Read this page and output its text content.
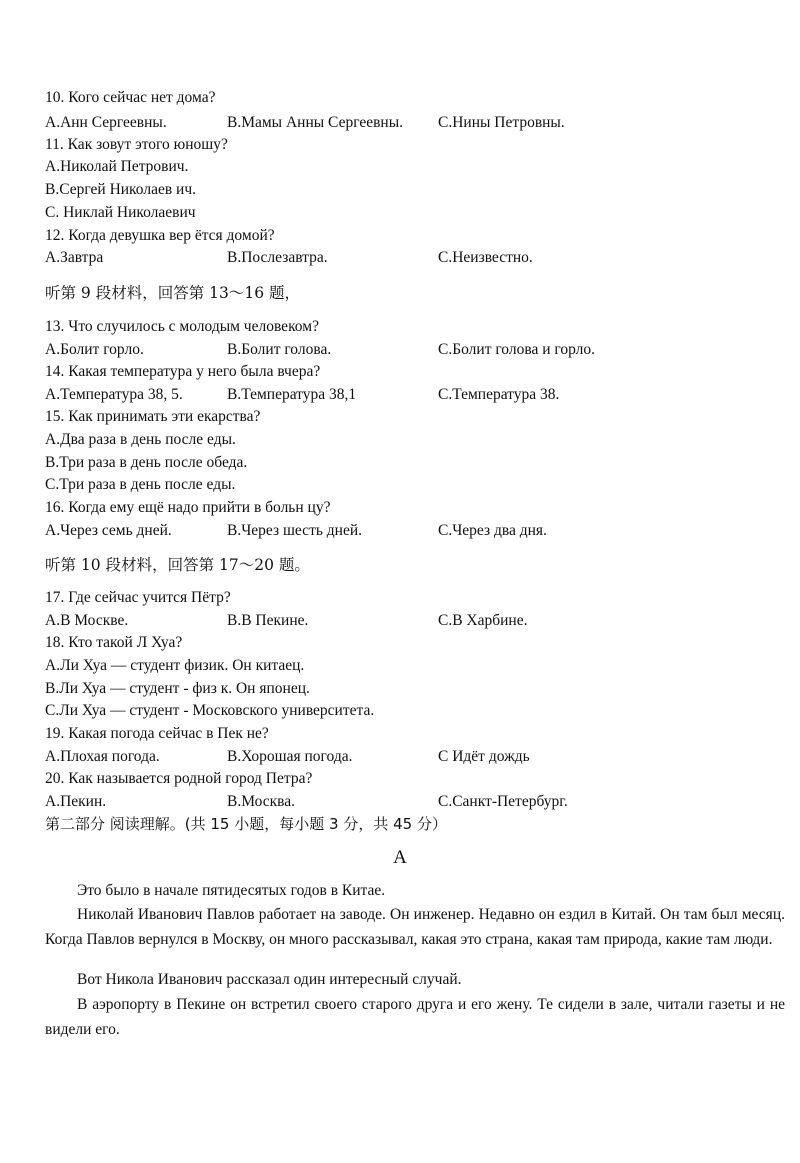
10. Кого сейчас нет дома?
А.Анн Сергеевны.	В.Мамы Анны Сергеевны. С.Нины Петровны.
11. Как зовут этого юношу?
А.Николай Петрович.
В.Сергей Николаев ич.
С. Никлай Николаевич
12. Когда девушка вер ётся домой?
А.Завтра	В.Послезавтра.	С.Неизвестно.
听第 9 段材料，回答第 13～16 题，
13. Что случилось с молодым человеком?
А.Болит горло.	В.Болит голова.	С.Болит голова и горло.
14. Какая температура у него была вчера?
А.Температура 38, 5.	В.Температура 38,1	С.Температура 38.
15. Как принимать эти екарства?
А.Два раза в день после еды.
В.Три раза в день после обеда.
С.Три раза в день после еды.
16. Когда ему ещё надо прийти в больн цу?
А.Через семь дней.	В.Через шесть дней.	С.Через два дня.
听第 10 段材料，回答第 17～20 题。
17. Где сейчас учится Пётр?
А.В Москве.	В.В Пекине.	С.В Харбине.
18. Кто такой Л Хуа?
А.Ли Хуа — студент физик. Он китаец.
В.Ли Хуа — студент - физ к. Он японец.
С.Ли Хуа — студент - Московского университета.
19. Какая погода сейчас в Пек не?
А.Плохая погода.	В.Хорошая погода.	С Идёт дождь
20. Как называется родной город Петра?
А.Пекин.	В.Москва.	С.Санкт-Петербург.
第二部分 阅读理解。(共 15 小题，每小题 3 分，共 45 分）
А
Это было в начале пятидесятых годов в Китае.
Николай Иванович Павлов работает на заводе. Он инженер. Недавно он ездил в Китай. Он там был месяц. Когда Павлов вернулся в Москву, он много рассказывал, какая это страна, какая там природа, какие там люди.
Вот Никола Иванович рассказал один интересный случай.
В аэропорту в Пекине он встретил своего старого друга и его жену. Те сидели в зале, читали газеты и не видели его.
